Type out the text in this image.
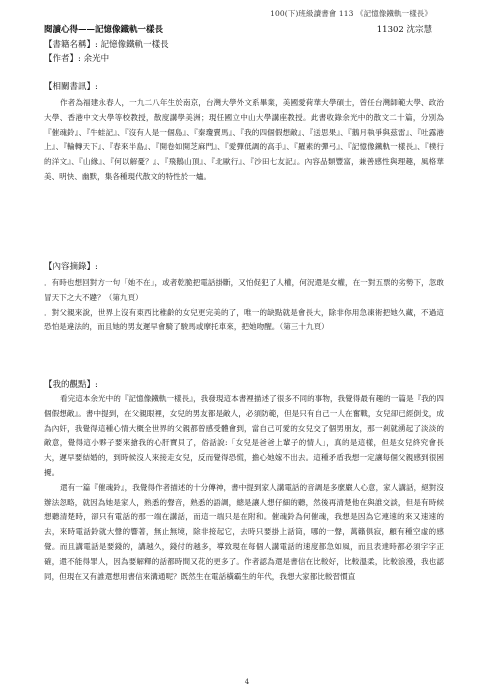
100(下)班級讀書會 113 《記憶像鐵軌一樣長》
閱讀心得——記憶像鐵軌一樣長	11302 沈宗慧
【書籍名稱】: 記憶像鐵軌一樣長
【作者】: 余光中
【相關書訊】:

作者為福建永春人，一九二八年生於南京，台灣大學外文系畢業，美國愛荷華大學碩士，曾任台灣師範大學、政治大學、香港中文大學等校教授，散度講學美洲；現任國立中山大學講座教授。此書收錄余光中的散文二十篇，分別為『催魂鈴』、『牛蛙記』、『沒有人是一個島』、『秦瓊賣馬』、『我的四個假想敵』、『送思果』、『鵝月執爭與茲雷』、『吐露港上』、『輪轉天下』、『春來半島』、『開卷如開芝麻門』、『愛彈低調的高手』、『羅素的彈弓』、『記憶像鐵軌一樣長』、『樸行的洋文』、『山緣』、『何以解憂？』、『飛鵝山頂』、『北歐行』、『沙田七友記』。內容品類豐富，兼善感性與理趣，風格華美、明快、幽默，集各種現代散文的特性於一爐。

【內容摘錄】:

．有時也想回對方一句「她不在」，或者乾脆把電話掛斷，又怕促犯了人權，何況還是女權，在一對五票的劣勢下，忽敢冒天下之大不韙？（第九頁）

．對父親來說，世界上沒有東西比稚齡的女兒更完美的了，唯一的缺點就是會長大，除非你用急凍術把她久藏，不過這恐怕是違法的，而且她的男友遲早會騎了駿馬或摩托車來，把她吻醒。（第三十九頁）

【我的觀點】:

看完這本余光中的『記憶像鐵軌一樣長』，我發現這本書裡描述了很多不同的事物，我覺得最有趣的一篇是『我的四個假想敵』。書中提到，在父親眼裡，女兒的男友都是敵人，必須防範，但是只有自己一人在奮戰，女兒卻已經倒戈，成為內奸，我覺得這種心情大概全世界的父親都曾感受體會到，當自己可愛的女兒交了個男朋友，那一剎就湧起了淡淡的敵意，覺得這小夥子要來搶我的心肝寶貝了，俗話說:「女兒是爸爸上輩子的情人」，真的是這樣，但是女兒終究會長大，遲早要結婚的，到時候沒人來接走女兒，反而覺得恐慌，擔心她嫁不出去。這種矛盾我想一定讓每個父親感到很困擾。

還有一篇『催魂鈴』，我覺得作者描述的十分傳神，書中提到家人講電話的音調是多麼嚴人心意，家人講話，絕對沒辦法忽略，就因為她是家人，熟悉的聲音，熟悉的語調，總是讓人想仔細的聽，然後再清楚他在與誰交談，但是有時候想聽清楚時，卻只有電話的那一端在講話，而這一端只是在附和。催魂鈴為何催魂，我想是因為它連速的來又速速的去，來時電話鈴就大聲的響著，無止無境，除非接起它，去時只要掛上話筒，哪的一聲，萬籟俱寂，顧有種空虛的感覺。而且講電話是要錢的，講越久，錢付的越多，導致現在每個人講電話的速度都急如風，而且表達時都必須字字正確，還不能得罪人，因為要解釋的話都時間又花的更多了。作者認為還是書信在比較好，比較溫柔，比較浪漫，我也認同，但現在又有誰還想用書信來溝通呢？既然生在電話橫霸生的年代，我想大家都比較習慣直

4
